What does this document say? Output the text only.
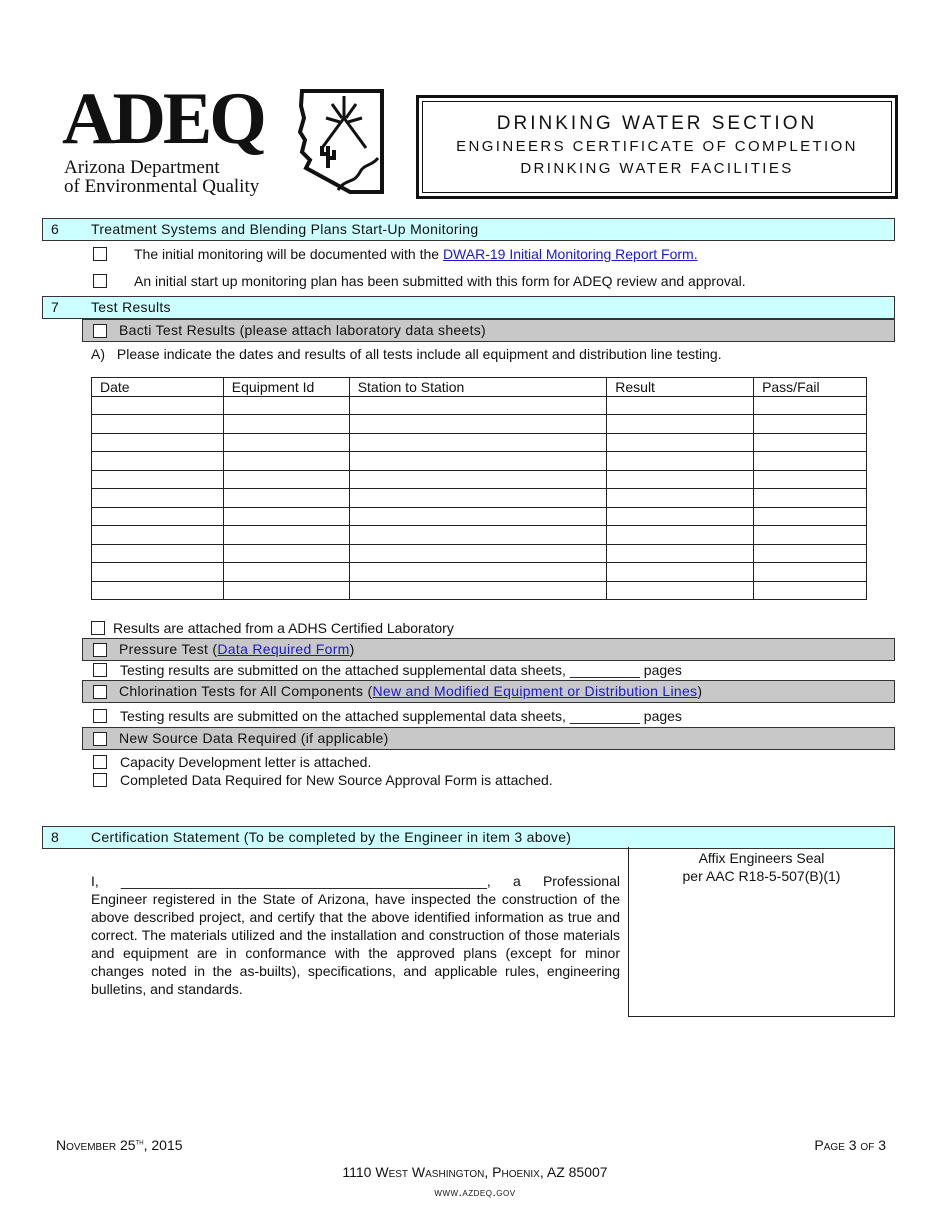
ADEQ
Arizona Department
of Environmental Quality
DRINKING WATER SECTION
ENGINEERS CERTIFICATE OF COMPLETION
DRINKING WATER FACILITIES
6 Treatment Systems and Blending Plans Start-Up Monitoring
The initial monitoring will be documented with the DWAR-19 Initial Monitoring Report Form.
An initial start up monitoring plan has been submitted with this form for ADEQ review and approval.
7 Test Results
Bacti Test Results (please attach laboratory data sheets)
A) Please indicate the dates and results of all tests include all equipment and distribution line testing.
Date	Equipment Id	Station to Station	Result	Pass/Fail

Results are attached from a ADHS Certified Laboratory
Pressure Test (Data Required Form)
Testing results are submitted on the attached supplemental data sheets, _________ pages
Chlorination Tests for All Components (New and Modified Equipment or Distribution Lines)
Testing results are submitted on the attached supplemental data sheets, _________ pages
New Source Data Required (if applicable)
Capacity Development letter is attached.
Completed Data Required for New Source Approval Form is attached.
8 Certification Statement (To be completed by the Engineer in item 3 above)
I, _______________________________________________, a Professional Engineer registered in the State of Arizona, have inspected the construction of the above described project, and certify that the above identified information as true and correct. The materials utilized and the installation and construction of those materials and equipment are in conformance with the approved plans (except for minor changes noted in the as-builts), specifications, and applicable rules, engineering bulletins, and standards.
Affix Engineers Seal
per AAC R18-5-507(B)(1)
November 25th, 2015	Page 3 of 3
1110 West Washington, Phoenix, AZ 85007
www.azdeq.gov
